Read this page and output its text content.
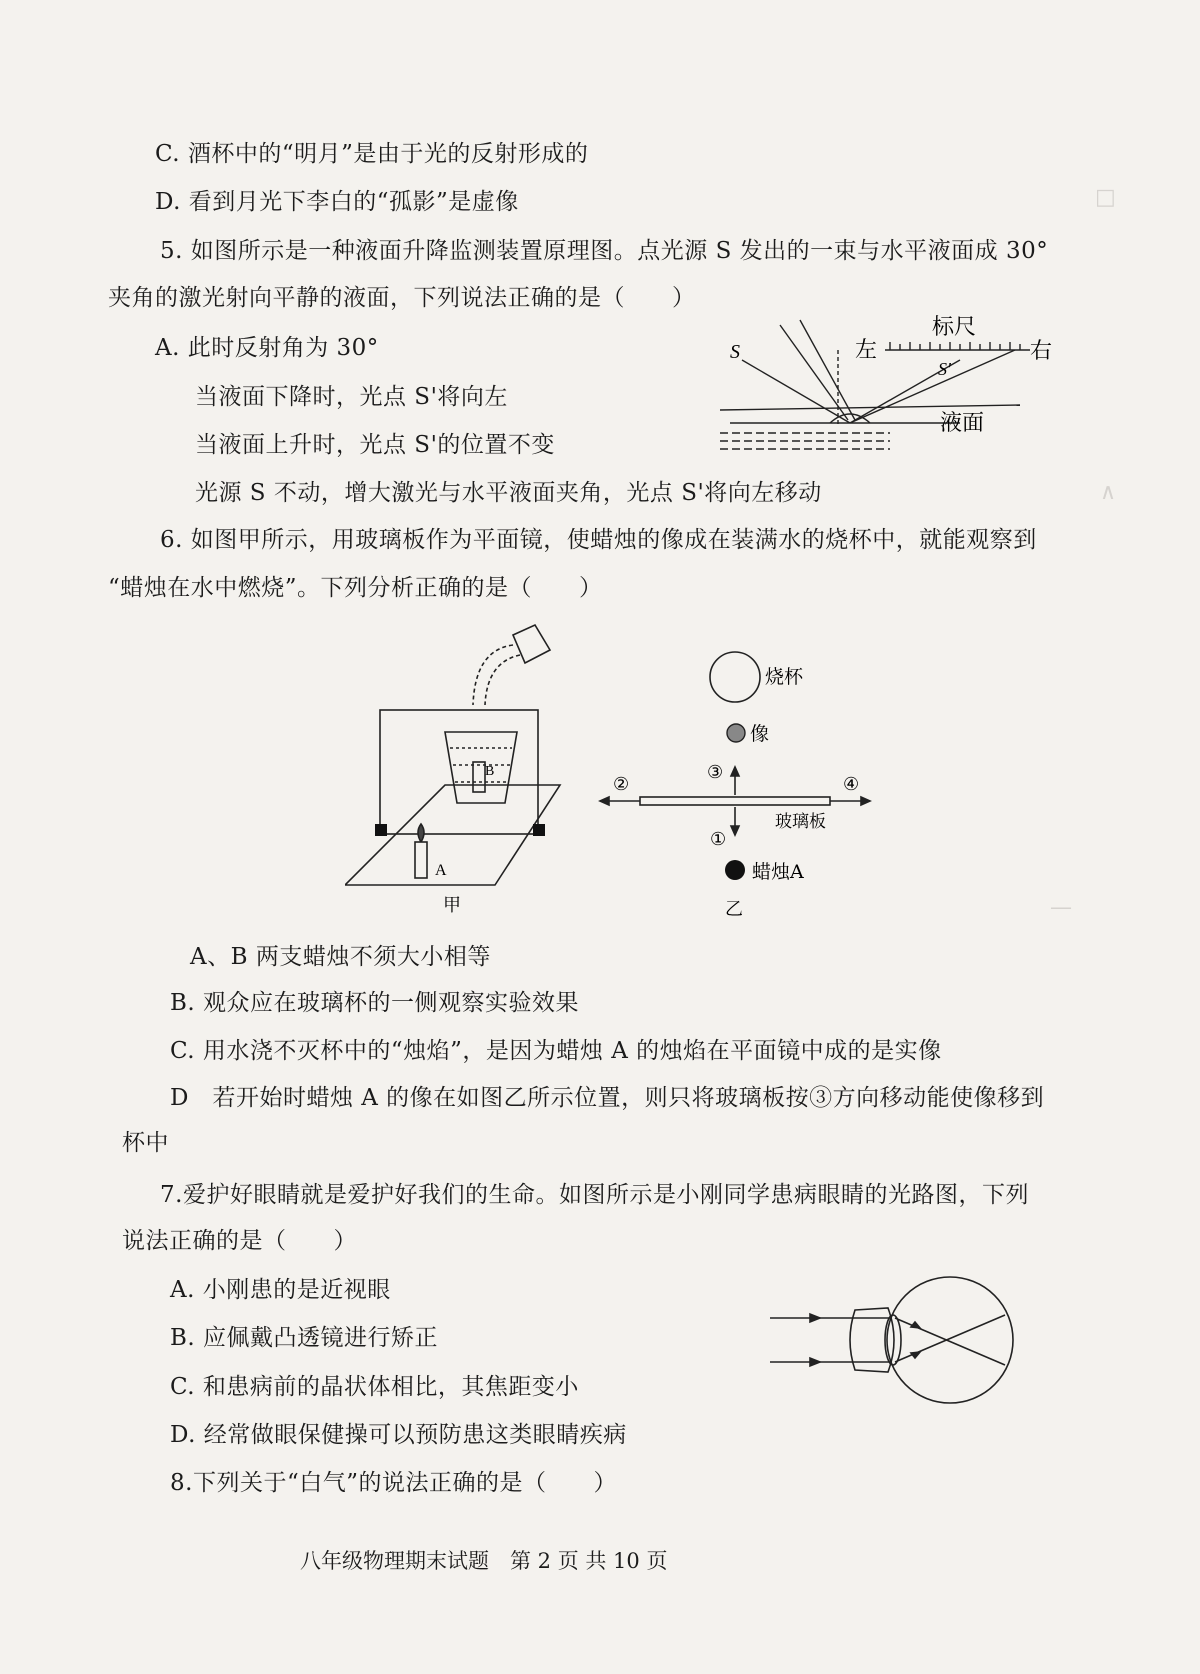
□
∧
—
C. 酒杯中的“明月”是由于光的反射形成的
D. 看到月光下李白的“孤影”是虚像
5. 如图所示是一种液面升降监测装置原理图。点光源 S 发出的一束与水平液面成 30°
夹角的激光射向平静的液面，下列说法正确的是（　　）
A. 此时反射角为 30°
当液面下降时，光点 S'将向左
当液面上升时，光点 S'的位置不变
光源 S 不动，增大激光与水平液面夹角，光点 S'将向左移动
S	左
标尺
S'
右
液面
6. 如图甲所示，用玻璃板作为平面镜，使蜡烛的像成在装满水的烧杯中，就能观察到
“蜡烛在水中燃烧”。下列分析正确的是（　　）
A
B
甲
烧杯
像
玻璃板
蜡烛A
①
②
③
④
乙
A、B 两支蜡烛不须大小相等
B. 观众应在玻璃杯的一侧观察实验效果
C. 用水浇不灭杯中的“烛焰”，是因为蜡烛 A 的烛焰在平面镜中成的是实像
D　若开始时蜡烛 A 的像在如图乙所示位置，则只将玻璃板按③方向移动能使像移到
杯中
7.爱护好眼睛就是爱护好我们的生命。如图所示是小刚同学患病眼睛的光路图，下列
说法正确的是（　　）
A. 小刚患的是近视眼
B. 应佩戴凸透镜进行矫正
C. 和患病前的晶状体相比，其焦距变小
D. 经常做眼保健操可以预防患这类眼睛疾病
8.下列关于“白气”的说法正确的是（　　）
八年级物理期末试题　第 2 页 共 10 页
